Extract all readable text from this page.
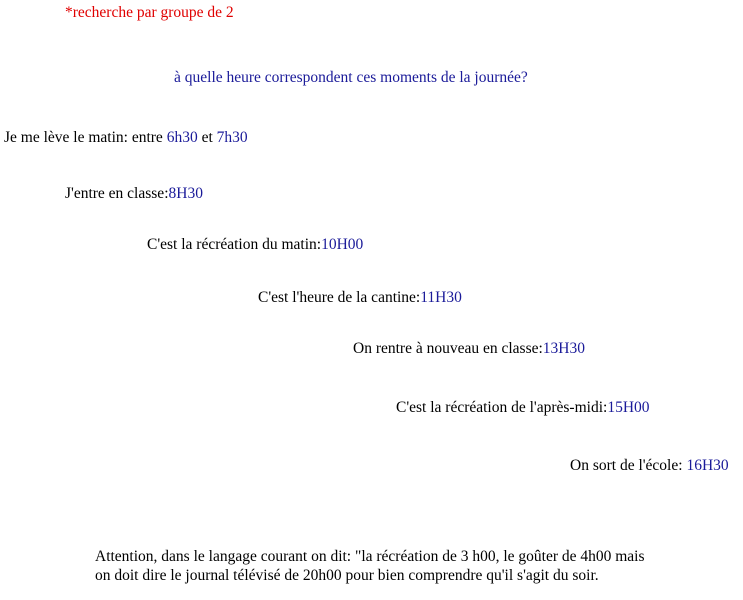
*recherche par groupe de 2
à quelle heure correspondent ces moments de la journée?
Je me lève le matin: entre 6h30 et 7h30
J'entre en classe:8H30
C'est la récréation du matin:10H00
C'est l'heure de la cantine:11H30
On rentre à nouveau en classe:13H30
C'est la récréation de l'après-midi:15H00
On sort de l'école: 16H30
Attention, dans le langage courant on dit: "la récréation de 3 h00, le goûter de 4h00 mais
on doit dire le journal télévisé de 20h00 pour bien comprendre qu'il s'agit du soir.
